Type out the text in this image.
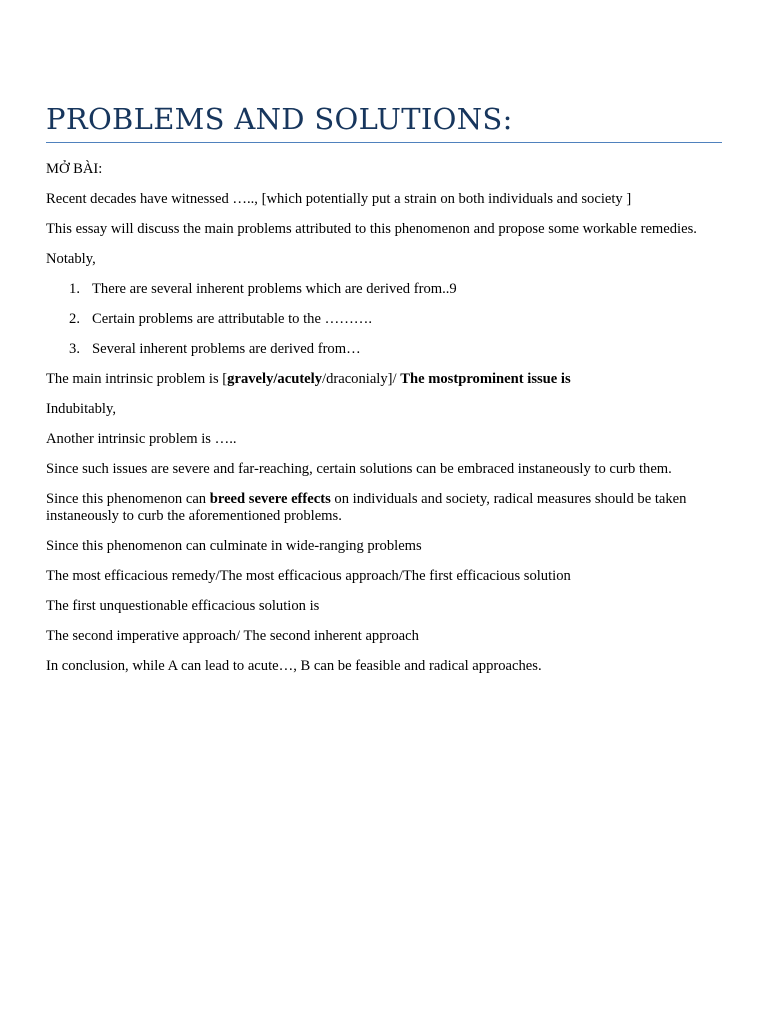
PROBLEMS AND SOLUTIONS:

MỞ BÀI:

Recent decades have witnessed ….., [which potentially put a strain on both individuals and society ]

This essay will discuss the main problems attributed to this phenomenon and propose some workable remedies.

Notably,

1. There are several inherent problems which are derived from..9
2. Certain problems are attributable to the ……….
3. Several inherent problems are derived from…

The main intrinsic problem is [gravely/acutely/draconialy]/ The mostprominent issue is

Indubitably,

Another intrinsic problem is …..

Since such issues are severe and far-reaching, certain solutions can be embraced instaneously to curb them.

Since this phenomenon can breed severe effects on individuals and society, radical measures should be taken instaneously to curb the aforementioned problems.

Since this phenomenon can culminate in wide-ranging problems

The most efficacious remedy/The most efficacious approach/The first efficacious solution

The first unquestionable efficacious solution is

The second imperative approach/ The second inherent approach

In conclusion, while A can lead to acute…, B can be feasible and radical approaches.
